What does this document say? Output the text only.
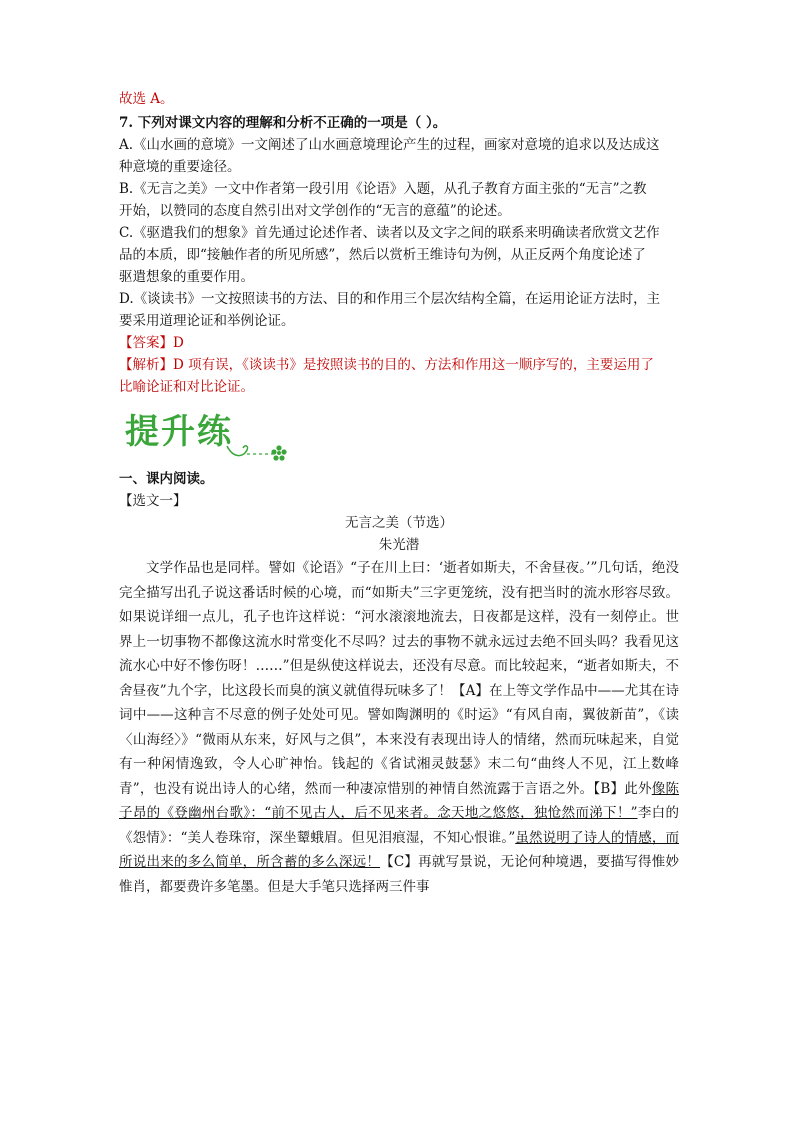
故选 A。
7. 下列对课文内容的理解和分析不正确的一项是（ ）。
A.《山水画的意境》一文阐述了山水画意境理论产生的过程，画家对意境的追求以及达成这
种意境的重要途径。
B.《无言之美》一文中作者第一段引用《论语》入题，从孔子教育方面主张的“无言”之教
开始，以赞同的态度自然引出对文学创作的“无言的意蕴”的论述。
C.《驱遣我们的想象》首先通过论述作者、读者以及文字之间的联系来明确读者欣赏文艺作
品的本质，即“接触作者的所见所感”，然后以赏析王维诗句为例，从正反两个角度论述了
驱遣想象的重要作用。
D.《谈读书》一文按照读书的方法、目的和作用三个层次结构全篇，在运用论证方法时，主
要采用道理论证和举例论证。
【答案】D
【解析】D 项有误，《谈读书》是按照读书的目的、方法和作用这一顺序写的，主要运用了
比喻论证和对比论证。
提升练
一、课内阅读。
【选文一】
无言之美（节选）
朱光潜
文学作品也是同样。譬如《论语》“子在川上曰：‘逝者如斯夫，不舍昼夜。’”几句话，绝没完全描写出孔子说这番话时候的心境，而“如斯夫”三字更笼统，没有把当时的流水形容尽致。如果说详细一点儿，孔子也许这样说：“河水滚滚地流去，日夜都是这样，没有一刻停止。世界上一切事物不都像这流水时常变化不尽吗？过去的事物不就永远过去绝不回头吗？我看见这流水心中好不惨伤呀！……”但是纵使这样说去，还没有尽意。而比较起来，“逝者如斯夫，不舍昼夜”九个字，比这段长而臭的演义就值得玩味多了！【A】在上等文学作品中——尤其在诗词中——这种言不尽意的例子处处可见。譬如陶渊明的《时运》“有风自南，翼彼新苗”，《读〈山海经〉》“微雨从东来，好风与之俱”，本来没有表现出诗人的情绪，然而玩味起来，自觉有一种闲情逸致，令人心旷神怡。钱起的《省试湘灵鼓瑟》末二句“曲终人不见，江上数峰青”，也没有说出诗人的心绪，然而一种凄凉惜别的神情自然流露于言语之外。【B】此外像陈子昂的《登幽州台歌》：“前不见古人，后不见来者。念天地之悠悠，独怆然而涕下！”李白的《怨情》：“美人卷珠帘，深坐颦蛾眉。但见泪痕湿，不知心恨谁。”虽然说明了诗人的情感，而所说出来的多么简单，所含蓄的多么深远！【C】再就写景说，无论何种境遇，要描写得惟妙惟肖，都要费许多笔墨。但是大手笔只选择两三件事
